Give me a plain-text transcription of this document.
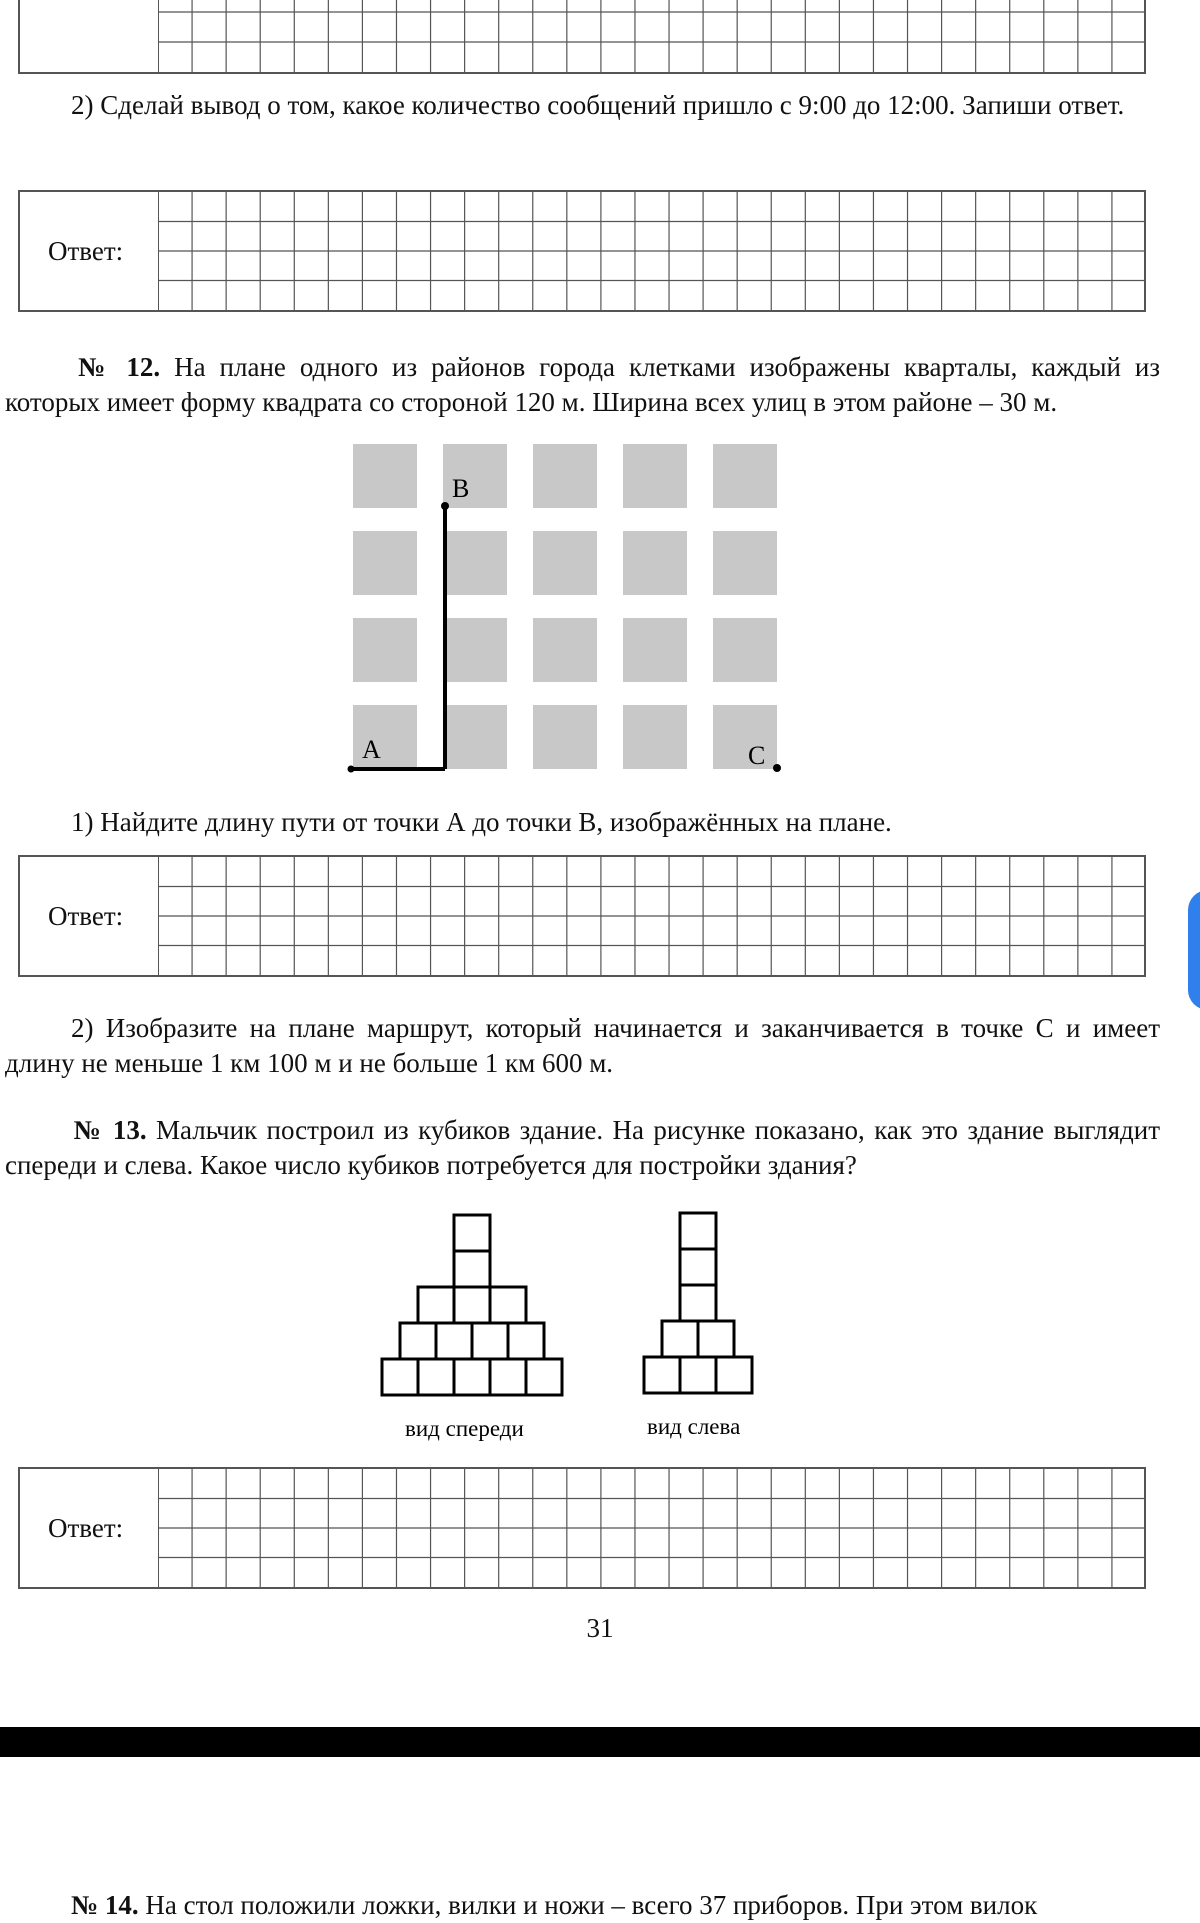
2) Сделай вывод о том, какое количество сообщений пришло с 9:00 до 12:00. Запиши ответ.

Ответ:

№ 12. На плане одного из районов города клетками изображены кварталы, каждый из которых имеет форму квадрата со стороной 120 м. Ширина всех улиц в этом районе – 30 м.

В
А	С

1) Найдите длину пути от точки А до точки В, изображённых на плане.

Ответ:

2) Изобразите на плане маршрут, который начинается и заканчивается в точке С и имеет длину не меньше 1 км 100 м и не больше 1 км 600 м.

№ 13. Мальчик построил из кубиков здание. На рисунке показано, как это здание выглядит спереди и слева. Какое число кубиков потребуется для постройки здания?

вид спереди	вид слева
Ответ:
31

№ 14. На стол положили ложки, вилки и ножи – всего 37 приборов. При этом вилок
